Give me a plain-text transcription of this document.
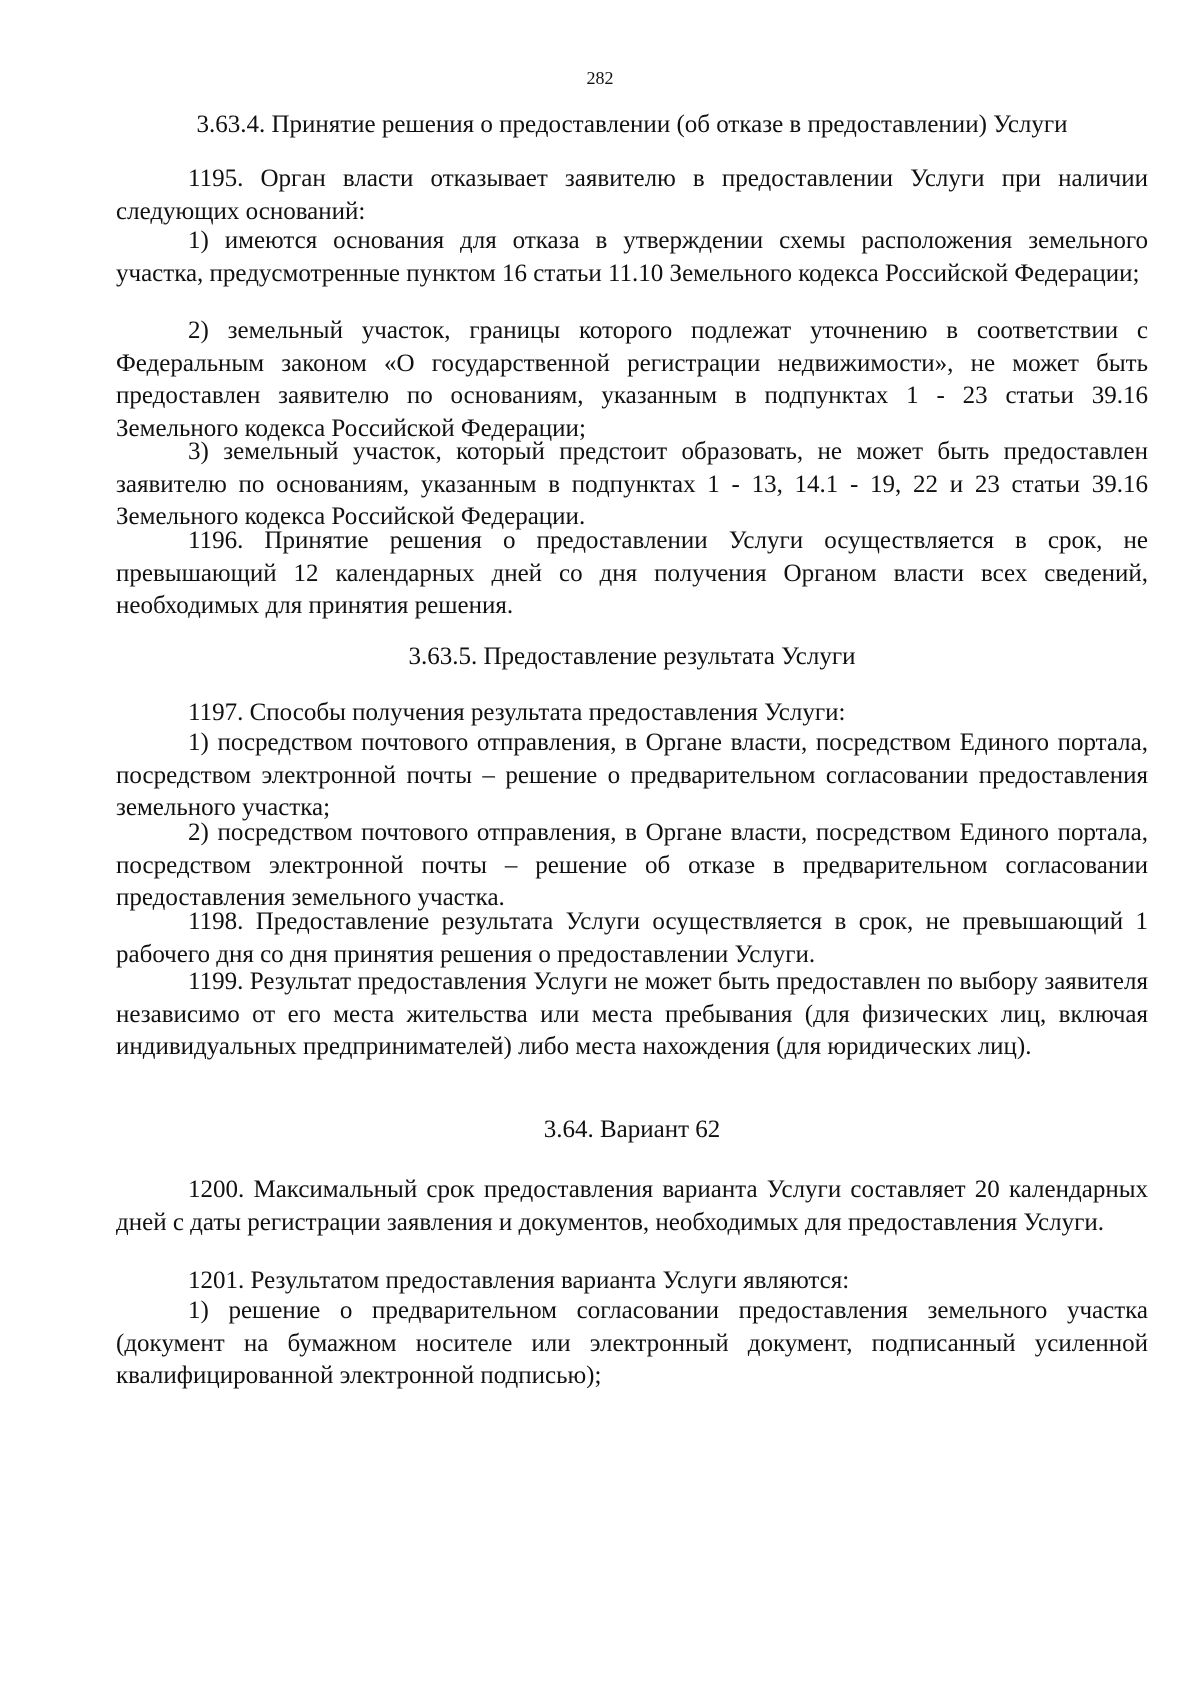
282
3.63.4. Принятие решения о предоставлении (об отказе в предоставлении) Услуги

1195. Орган власти отказывает заявителю в предоставлении Услуги при наличии следующих оснований:

1) имеются основания для отказа в утверждении схемы расположения земельного участка, предусмотренные пунктом 16 статьи 11.10 Земельного кодекса Российской Федерации;

2) земельный участок, границы которого подлежат уточнению в соответствии с Федеральным законом «О государственной регистрации недвижимости», не может быть предоставлен заявителю по основаниям, указанным в подпунктах 1 - 23 статьи 39.16 Земельного кодекса Российской Федерации;

3) земельный участок, который предстоит образовать, не может быть предоставлен заявителю по основаниям, указанным в подпунктах 1 - 13, 14.1 - 19, 22 и 23 статьи 39.16 Земельного кодекса Российской Федерации.

1196. Принятие решения о предоставлении Услуги осуществляется в срок, не превышающий 12 календарных дней со дня получения Органом власти всех сведений, необходимых для принятия решения.

3.63.5. Предоставление результата Услуги

1197. Способы получения результата предоставления Услуги:

1) посредством почтового отправления, в Органе власти, посредством Единого портала, посредством электронной почты – решение о предварительном согласовании предоставления земельного участка;

2) посредством почтового отправления, в Органе власти, посредством Единого портала, посредством электронной почты – решение об отказе в предварительном согласовании предоставления земельного участка.

1198. Предоставление результата Услуги осуществляется в срок, не превышающий 1 рабочего дня со дня принятия решения о предоставлении Услуги.

1199. Результат предоставления Услуги не может быть предоставлен по выбору заявителя независимо от его места жительства или места пребывания (для физических лиц, включая индивидуальных предпринимателей) либо места нахождения (для юридических лиц).

3.64. Вариант 62

1200. Максимальный срок предоставления варианта Услуги составляет 20 календарных дней с даты регистрации заявления и документов, необходимых для предоставления Услуги.

1201. Результатом предоставления варианта Услуги являются:

1) решение о предварительном согласовании предоставления земельного участка (документ на бумажном носителе или электронный документ, подписанный усиленной квалифицированной электронной подписью);
